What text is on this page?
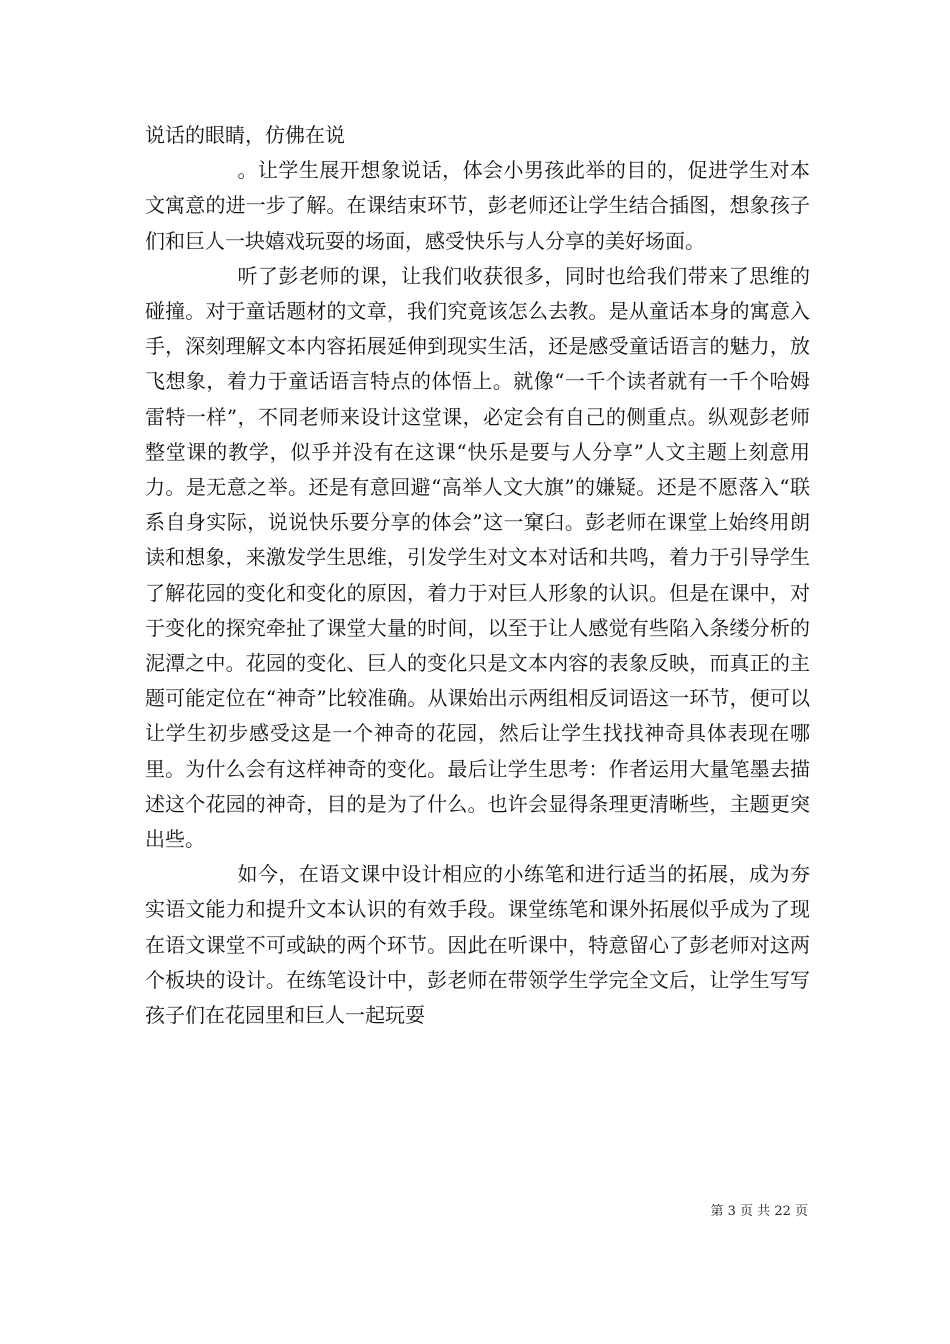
说话的眼睛，仿佛在说

。让学生展开想象说话，体会小男孩此举的目的，促进学生对本文寓意的进一步了解。在课结束环节，彭老师还让学生结合插图，想象孩子们和巨人一块嬉戏玩耍的场面，感受快乐与人分享的美好场面。

听了彭老师的课，让我们收获很多，同时也给我们带来了思维的碰撞。对于童话题材的文章，我们究竟该怎么去教。是从童话本身的寓意入手，深刻理解文本内容拓展延伸到现实生活，还是感受童话语言的魅力，放飞想象，着力于童话语言特点的体悟上。就像“一千个读者就有一千个哈姆雷特一样”，不同老师来设计这堂课，必定会有自己的侧重点。纵观彭老师整堂课的教学，似乎并没有在这课“快乐是要与人分享”人文主题上刻意用力。是无意之举。还是有意回避“高举人文大旗”的嫌疑。还是不愿落入“联系自身实际，说说快乐要分享的体会”这一窠臼。彭老师在课堂上始终用朗读和想象，来激发学生思维，引发学生对文本对话和共鸣，着力于引导学生了解花园的变化和变化的原因，着力于对巨人形象的认识。但是在课中，对于变化的探究牵扯了课堂大量的时间，以至于让人感觉有些陷入条缕分析的泥潭之中。花园的变化、巨人的变化只是文本内容的表象反映，而真正的主题可能定位在“神奇”比较准确。从课始出示两组相反词语这一环节，便可以让学生初步感受这是一个神奇的花园，然后让学生找找神奇具体表现在哪里。为什么会有这样神奇的变化。最后让学生思考：作者运用大量笔墨去描述这个花园的神奇，目的是为了什么。也许会显得条理更清晰些，主题更突出些。

如今，在语文课中设计相应的小练笔和进行适当的拓展，成为夯实语文能力和提升文本认识的有效手段。课堂练笔和课外拓展似乎成为了现在语文课堂不可或缺的两个环节。因此在听课中，特意留心了彭老师对这两个板块的设计。在练笔设计中，彭老师在带领学生学完全文后，让学生写写孩子们在花园里和巨人一起玩耍

第 3 页 共 22 页
